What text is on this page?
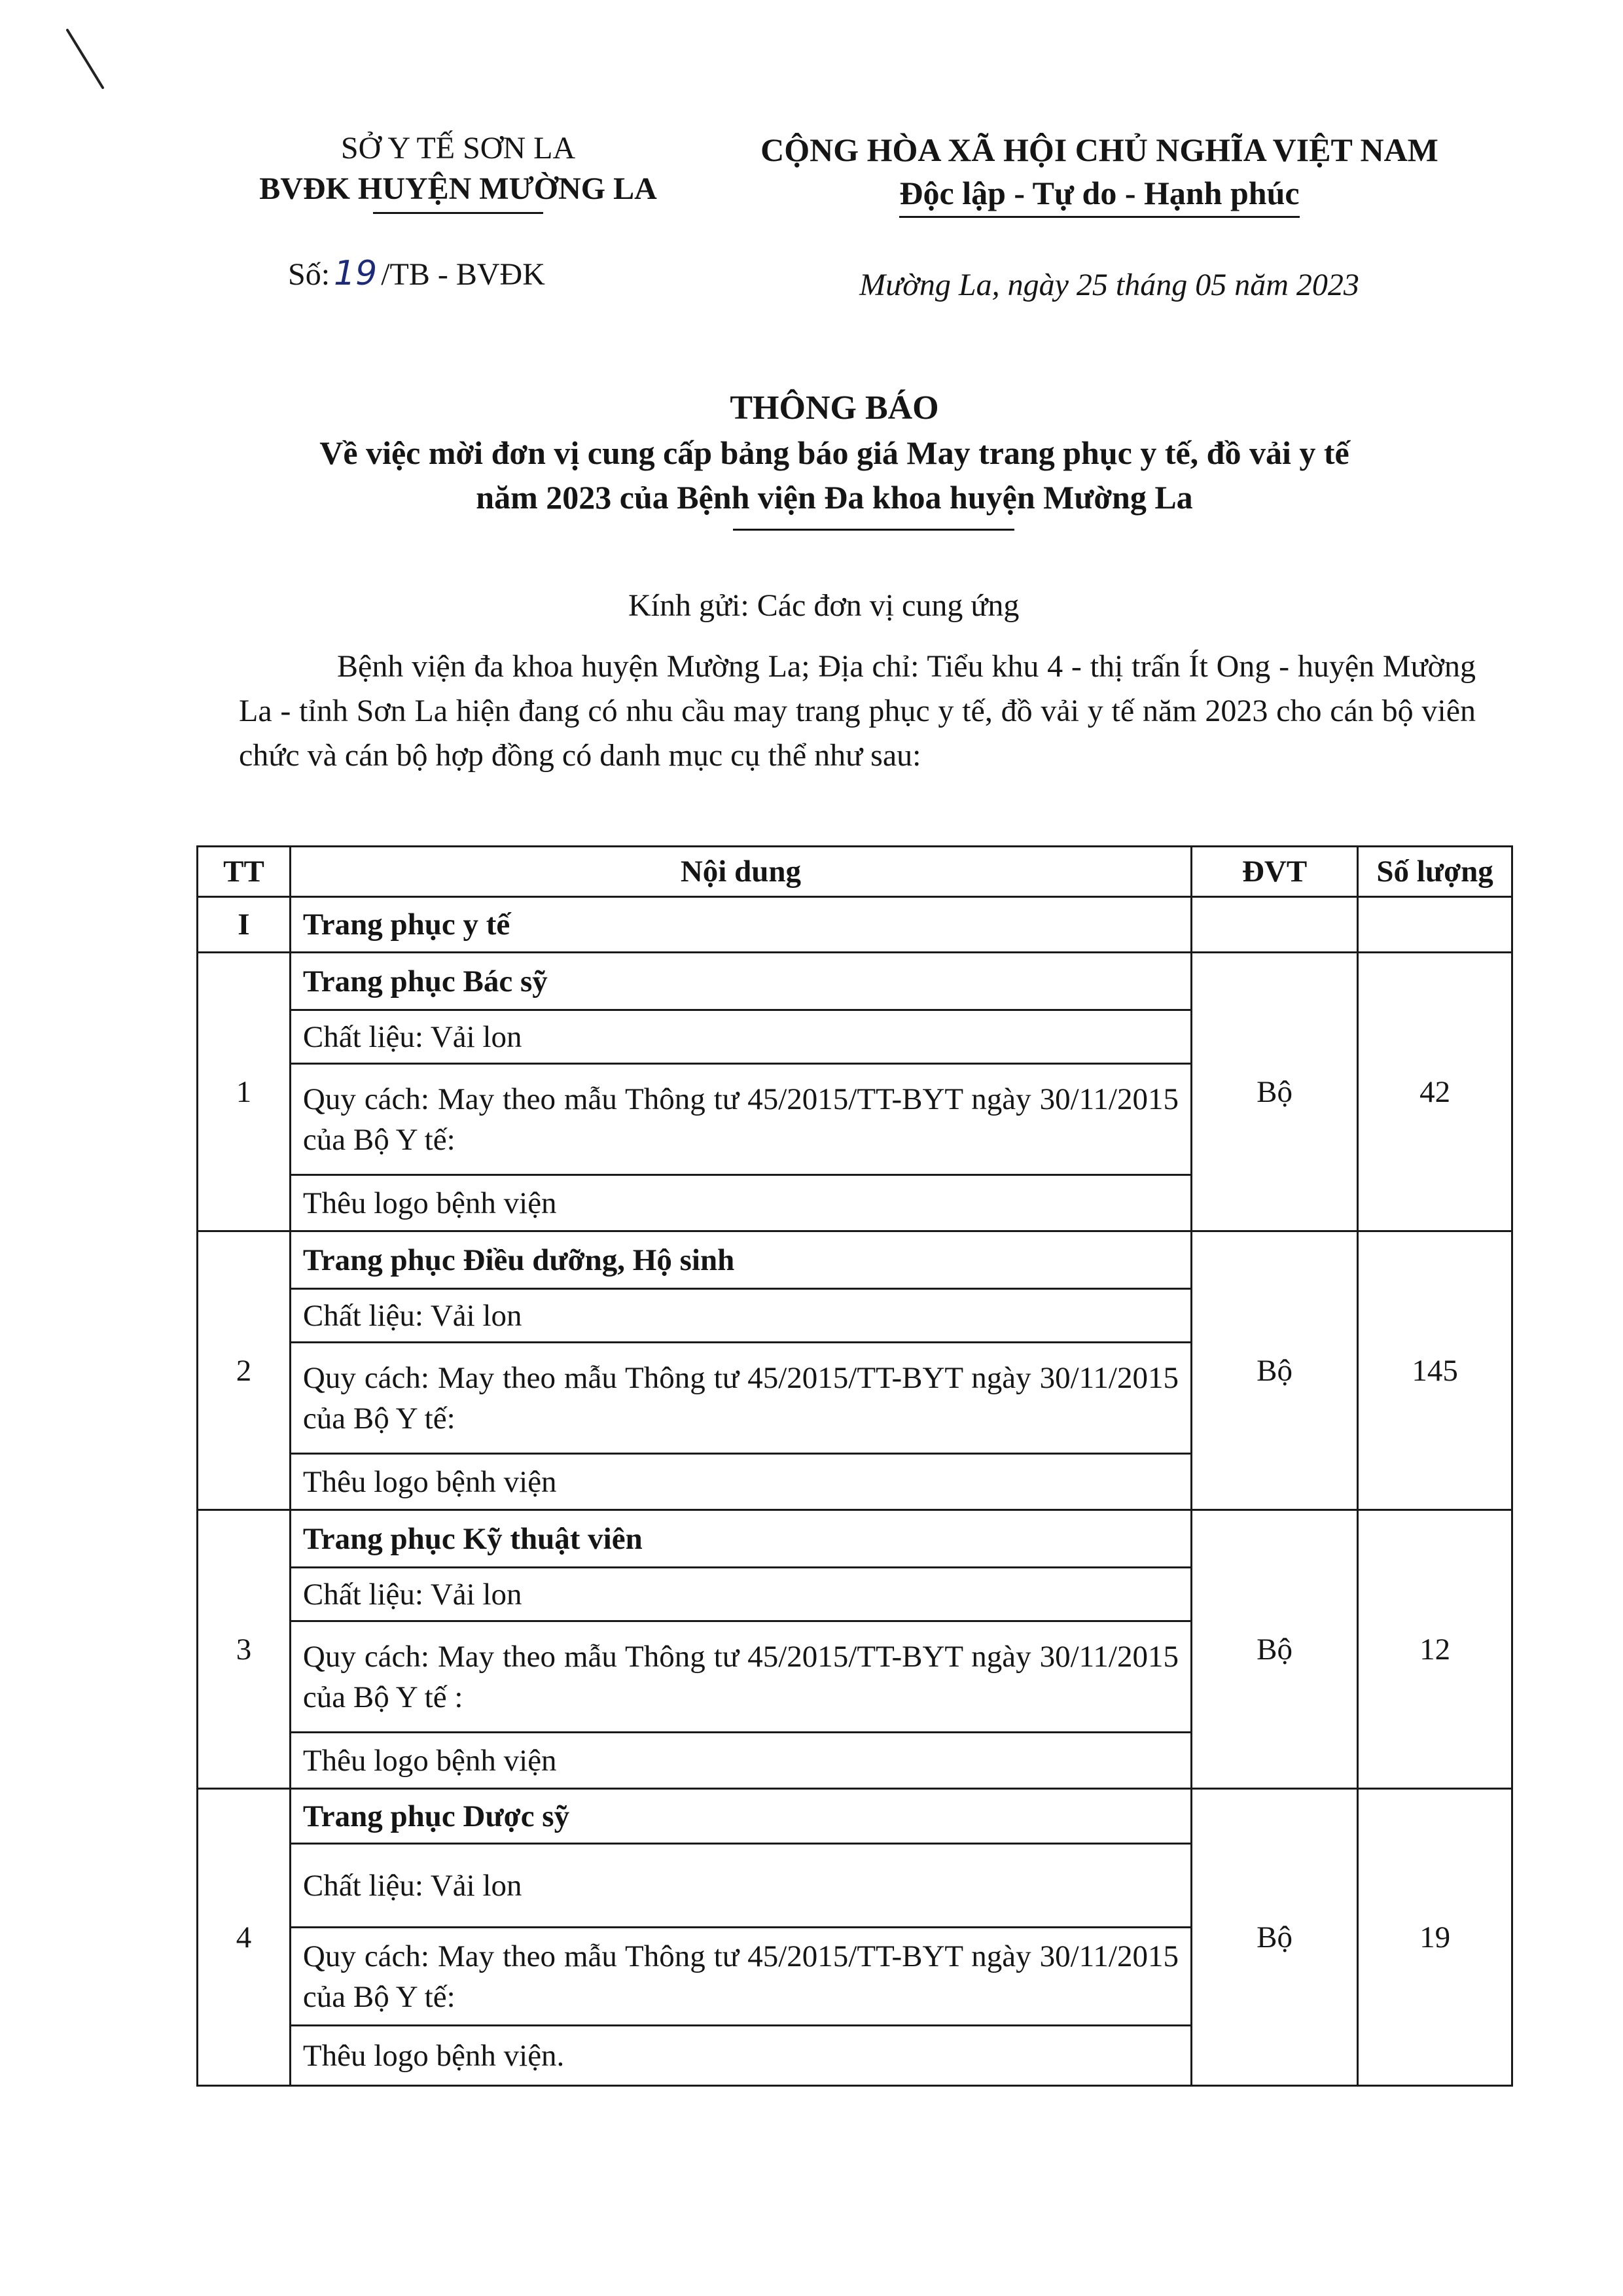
SỞ Y TẾ SƠN LA
BVĐK HUYỆN MƯỜNG LA
Số: 19 /TB - BVĐK
CỘNG HÒA XÃ HỘI CHỦ NGHĨA VIỆT NAM
Độc lập - Tự do - Hạnh phúc
Mường La, ngày 25 tháng 05 năm 2023
THÔNG BÁO
Về việc mời đơn vị cung cấp bảng báo giá May trang phục y tế, đồ vải y tế
năm 2023 của Bệnh viện Đa khoa huyện Mường La
Kính gửi: Các đơn vị cung ứng
Bệnh viện đa khoa huyện Mường La; Địa chỉ: Tiểu khu 4 - thị trấn Ít Ong - huyện Mường La - tỉnh Sơn La hiện đang có nhu cầu may trang phục y tế, đồ vải y tế năm 2023 cho cán bộ viên chức và cán bộ hợp đồng có danh mục cụ thể như sau:
TT	Nội dung	ĐVT	Số lượng
I	Trang phục y tế		
1	Trang phục Bác sỹ	Bộ	42
	Chất liệu: Vải lon		
	Quy cách: May theo mẫu Thông tư 45/2015/TT-BYT ngày 30/11/2015 của Bộ Y tế:		
	Thêu logo bệnh viện		
2	Trang phục Điều dưỡng, Hộ sinh	Bộ	145
	Chất liệu: Vải lon		
	Quy cách: May theo mẫu Thông tư 45/2015/TT-BYT ngày 30/11/2015 của Bộ Y tế:		
	Thêu logo bệnh viện		
3	Trang phục Kỹ thuật viên	Bộ	12
	Chất liệu: Vải lon		
	Quy cách: May theo mẫu Thông tư 45/2015/TT-BYT ngày 30/11/2015 của Bộ Y tế :		
	Thêu logo bệnh viện		
4	Trang phục Dược sỹ	Bộ	19
	Chất liệu: Vải lon		
	Quy cách: May theo mẫu Thông tư 45/2015/TT-BYT ngày 30/11/2015 của Bộ Y tế:		
	Thêu logo bệnh viện.		
